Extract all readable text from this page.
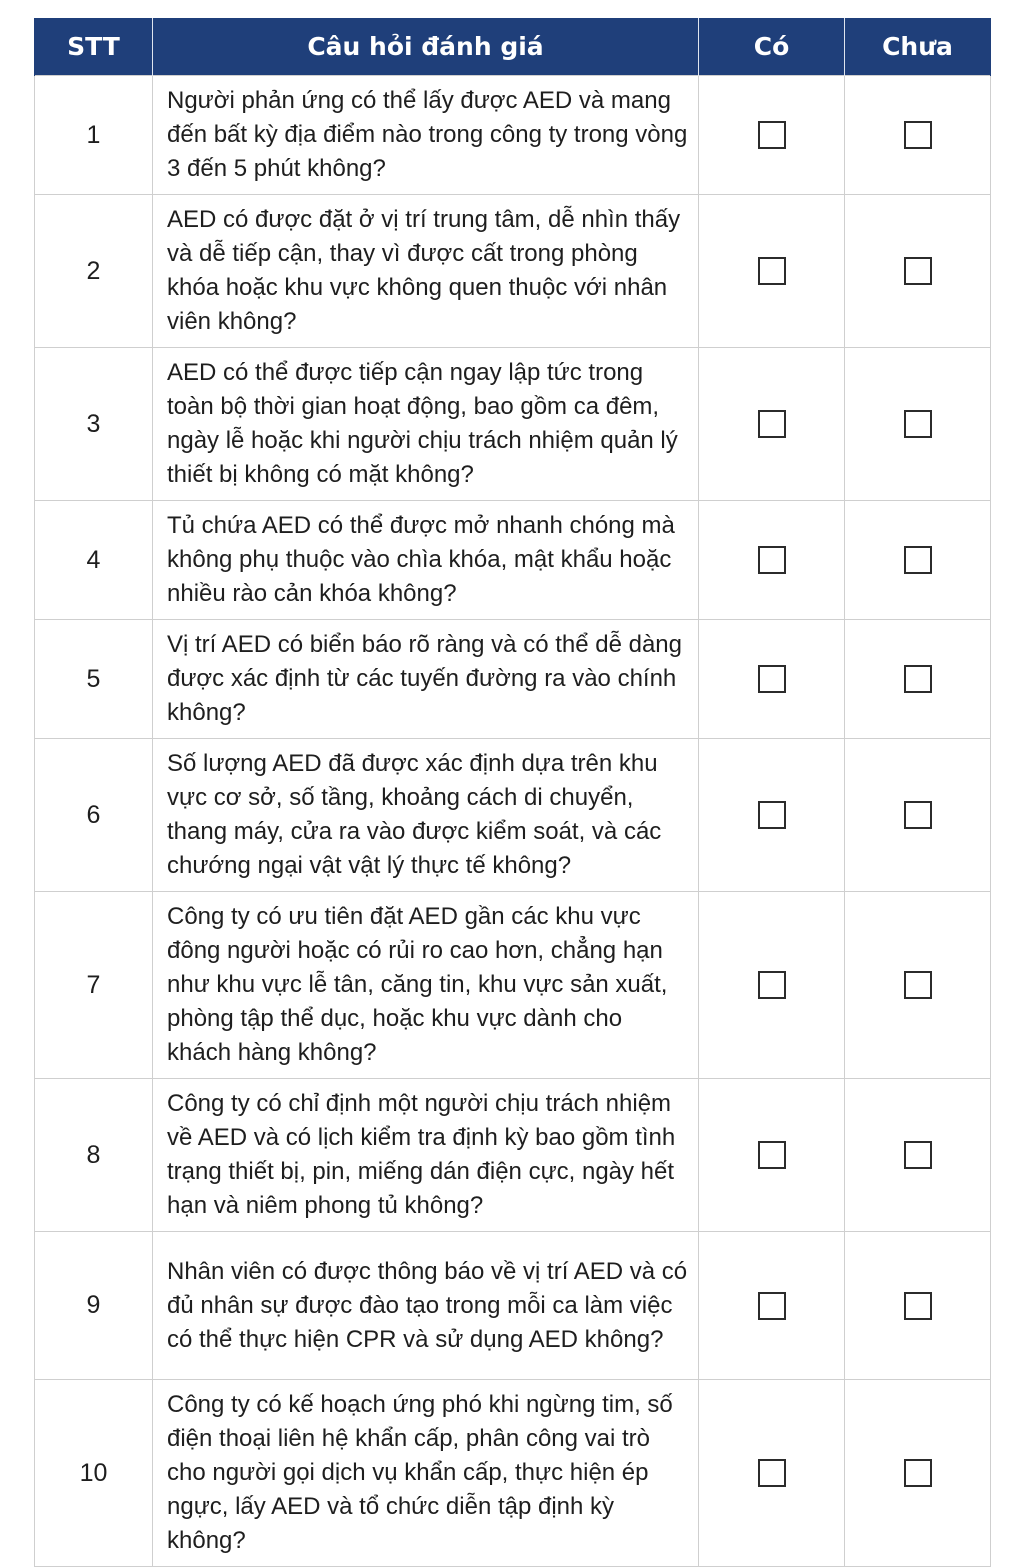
STT	Câu hỏi đánh giá	Có	Chưa
1	Người phản ứng có thể lấy được AED và mang đến bất kỳ địa điểm nào trong công ty trong vòng 3 đến 5 phút không?		
2	AED có được đặt ở vị trí trung tâm, dễ nhìn thấy và dễ tiếp cận, thay vì được cất trong phòng khóa hoặc khu vực không quen thuộc với nhân viên không?		
3	AED có thể được tiếp cận ngay lập tức trong toàn bộ thời gian hoạt động, bao gồm ca đêm, ngày lễ hoặc khi người chịu trách nhiệm quản lý thiết bị không có mặt không?		
4	Tủ chứa AED có thể được mở nhanh chóng mà không phụ thuộc vào chìa khóa, mật khẩu hoặc nhiều rào cản khóa không?		
5	Vị trí AED có biển báo rõ ràng và có thể dễ dàng được xác định từ các tuyến đường ra vào chính không?		
6	Số lượng AED đã được xác định dựa trên khu vực cơ sở, số tầng, khoảng cách di chuyển, thang máy, cửa ra vào được kiểm soát, và các chướng ngại vật vật lý thực tế không?		
7	Công ty có ưu tiên đặt AED gần các khu vực đông người hoặc có rủi ro cao hơn, chẳng hạn như khu vực lễ tân, căng tin, khu vực sản xuất, phòng tập thể dục, hoặc khu vực dành cho khách hàng không?		
8	Công ty có chỉ định một người chịu trách nhiệm về AED và có lịch kiểm tra định kỳ bao gồm tình trạng thiết bị, pin, miếng dán điện cực, ngày hết hạn và niêm phong tủ không?		
9	Nhân viên có được thông báo về vị trí AED và có đủ nhân sự được đào tạo trong mỗi ca làm việc có thể thực hiện CPR và sử dụng AED không?		
10	Công ty có kế hoạch ứng phó khi ngừng tim, số điện thoại liên hệ khẩn cấp, phân công vai trò cho người gọi dịch vụ khẩn cấp, thực hiện ép ngực, lấy AED và tổ chức diễn tập định kỳ không?		
